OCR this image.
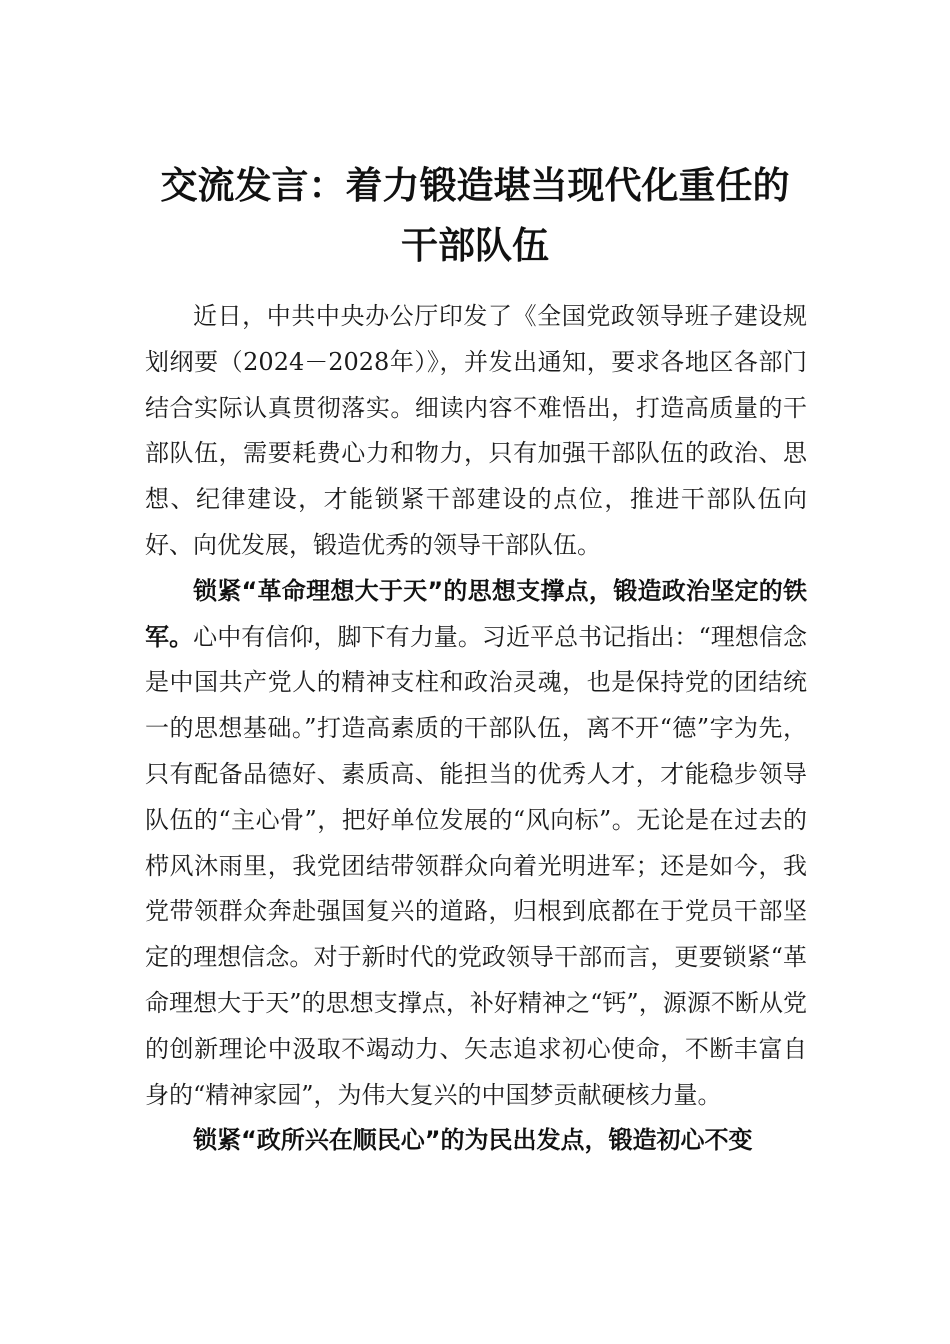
交流发言：着力锻造堪当现代化重任的干部队伍

近日，中共中央办公厅印发了《全国党政领导班子建设规划纲要（2024－2028年）》，并发出通知，要求各地区各部门结合实际认真贯彻落实。细读内容不难悟出，打造高质量的干部队伍，需要耗费心力和物力，只有加强干部队伍的政治、思想、纪律建设，才能锁紧干部建设的点位，推进干部队伍向好、向优发展，锻造优秀的领导干部队伍。

锁紧“革命理想大于天”的思想支撑点，锻造政治坚定的铁军。心中有信仰，脚下有力量。习近平总书记指出：“理想信念是中国共产党人的精神支柱和政治灵魂，也是保持党的团结统一的思想基础。”打造高素质的干部队伍，离不开“德”字为先，只有配备品德好、素质高、能担当的优秀人才，才能稳步领导队伍的“主心骨”，把好单位发展的“风向标”。无论是在过去的栉风沐雨里，我党团结带领群众向着光明进军；还是如今，我党带领群众奔赴强国复兴的道路，归根到底都在于党员干部坚定的理想信念。对于新时代的党政领导干部而言，更要锁紧“革命理想大于天”的思想支撑点，补好精神之“钙”，源源不断从党的创新理论中汲取不竭动力、矢志追求初心使命，不断丰富自身的“精神家园”，为伟大复兴的中国梦贡献硬核力量。

锁紧“政所兴在顺民心”的为民出发点，锻造初心不变
